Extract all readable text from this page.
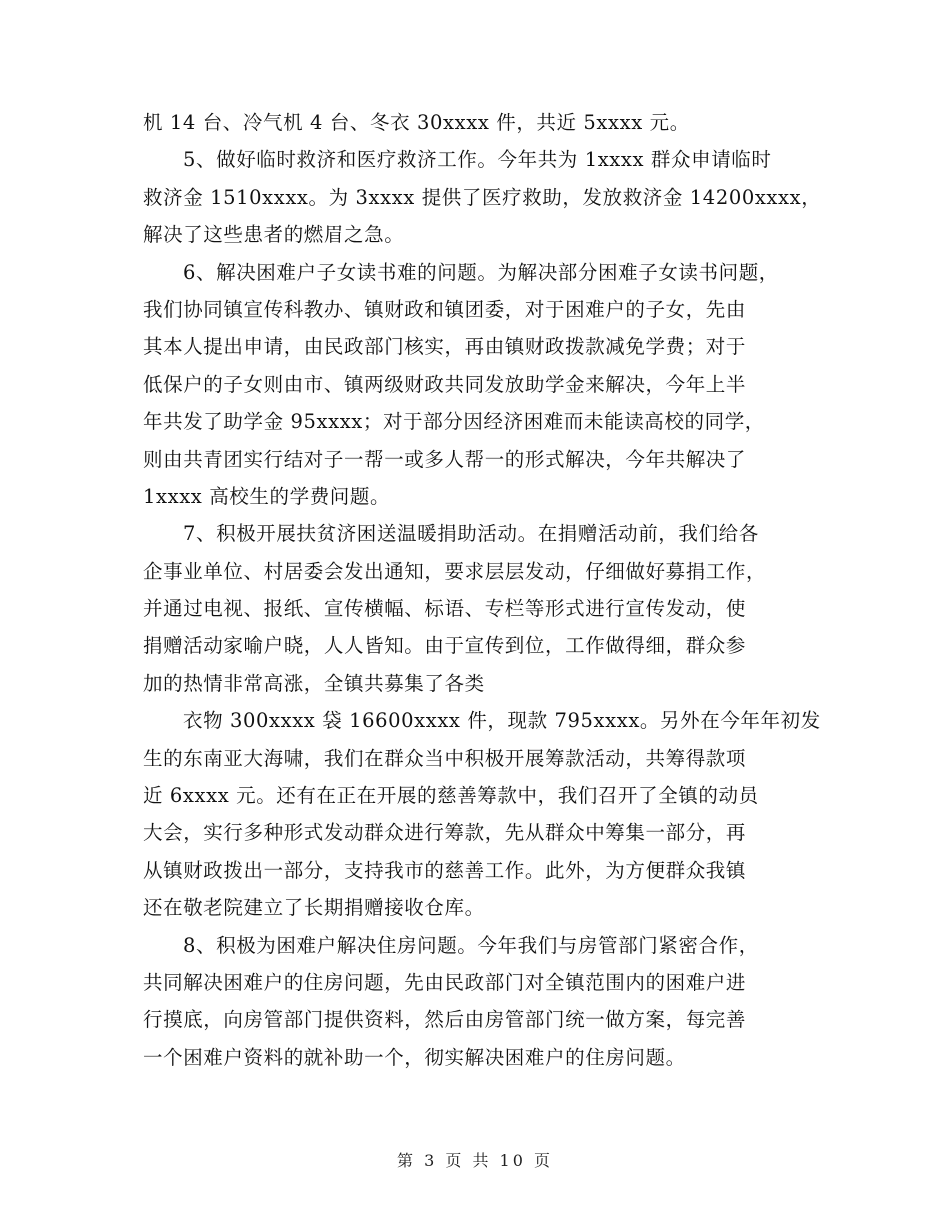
机 14 台、冷气机 4 台、冬衣 30xxxx 件，共近 5xxxx 元。
5、做好临时救济和医疗救济工作。今年共为 1xxxx 群众申请临时
救济金 1510xxxx。为 3xxxx 提供了医疗救助，发放救济金 14200xxxx，
解决了这些患者的燃眉之急。
6、解决困难户子女读书难的问题。为解决部分困难子女读书问题，
我们协同镇宣传科教办、镇财政和镇团委，对于困难户的子女，先由
其本人提出申请，由民政部门核实，再由镇财政拨款减免学费；对于
低保户的子女则由市、镇两级财政共同发放助学金来解决，今年上半
年共发了助学金 95xxxx；对于部分因经济困难而未能读高校的同学，
则由共青团实行结对子一帮一或多人帮一的形式解决，今年共解决了
1xxxx 高校生的学费问题。
7、积极开展扶贫济困送温暖捐助活动。在捐赠活动前，我们给各
企事业单位、村居委会发出通知，要求层层发动，仔细做好募捐工作，
并通过电视、报纸、宣传横幅、标语、专栏等形式进行宣传发动，使
捐赠活动家喻户晓，人人皆知。由于宣传到位，工作做得细，群众参
加的热情非常高涨，全镇共募集了各类
衣物 300xxxx 袋 16600xxxx 件，现款 795xxxx。另外在今年年初发
生的东南亚大海啸，我们在群众当中积极开展筹款活动，共筹得款项
近 6xxxx 元。还有在正在开展的慈善筹款中，我们召开了全镇的动员
大会，实行多种形式发动群众进行筹款，先从群众中筹集一部分，再
从镇财政拨出一部分，支持我市的慈善工作。此外，为方便群众我镇
还在敬老院建立了长期捐赠接收仓库。
8、积极为困难户解决住房问题。今年我们与房管部门紧密合作，
共同解决困难户的住房问题，先由民政部门对全镇范围内的困难户进
行摸底，向房管部门提供资料，然后由房管部门统一做方案，每完善
一个困难户资料的就补助一个，彻实解决困难户的住房问题。
第 3 页 共 10 页
